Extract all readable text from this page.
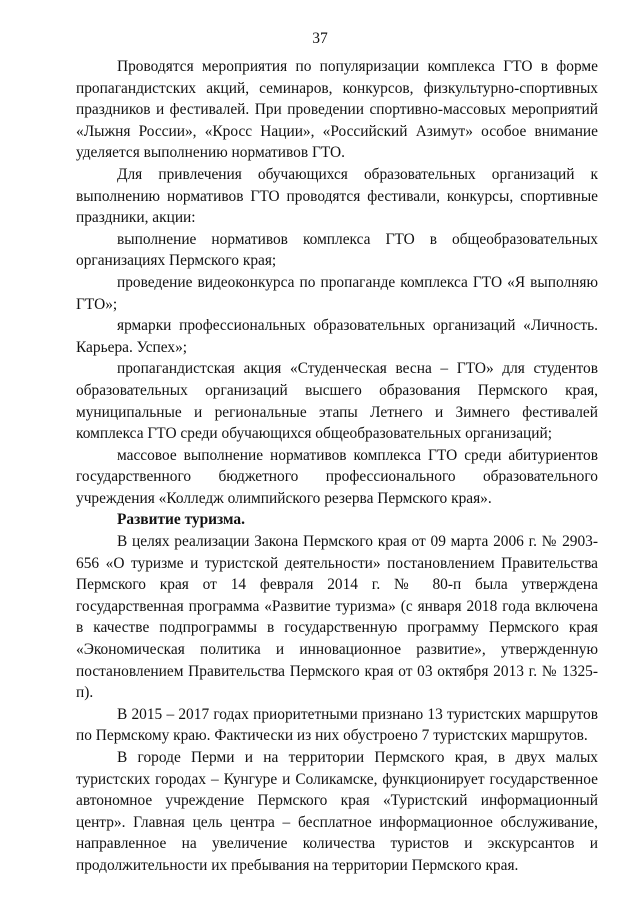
37

Проводятся мероприятия по популяризации комплекса ГТО в форме пропагандистских акций, семинаров, конкурсов, физкультурно-спортивных праздников и фестивалей. При проведении спортивно-массовых мероприятий «Лыжня России», «Кросс Нации», «Российский Азимут» особое внимание уделяется выполнению нормативов ГТО.

Для привлечения обучающихся образовательных организаций к выполнению нормативов ГТО проводятся фестивали, конкурсы, спортивные праздники, акции:

выполнение нормативов комплекса ГТО в общеобразовательных организациях Пермского края;

проведение видеоконкурса по пропаганде комплекса ГТО «Я выполняю ГТО»;

ярмарки профессиональных образовательных организаций «Личность. Карьера. Успех»;

пропагандистская акция «Студенческая весна – ГТО» для студентов образовательных организаций высшего образования Пермского края, муниципальные и региональные этапы Летнего и Зимнего фестивалей комплекса ГТО среди обучающихся общеобразовательных организаций;

массовое выполнение нормативов комплекса ГТО среди абитуриентов государственного бюджетного профессионального образовательного учреждения «Колледж олимпийского резерва Пермского края».

Развитие туризма.

В целях реализации Закона Пермского края от 09 марта 2006 г. № 2903-656 «О туризме и туристской деятельности» постановлением Правительства Пермского края от 14 февраля 2014 г. № 80-п была утверждена государственная программа «Развитие туризма» (с января 2018 года включена в качестве подпрограммы в государственную программу Пермского края «Экономическая политика и инновационное развитие», утвержденную постановлением Правительства Пермского края от 03 октября 2013 г. № 1325-п).

В 2015 – 2017 годах приоритетными признано 13 туристских маршрутов по Пермскому краю. Фактически из них обустроено 7 туристских маршрутов.

В городе Перми и на территории Пермского края, в двух малых туристских городах – Кунгуре и Соликамске, функционирует государственное автономное учреждение Пермского края «Туристский информационный центр». Главная цель центра – бесплатное информационное обслуживание, направленное на увеличение количества туристов и экскурсантов и продолжительности их пребывания на территории Пермского края.
